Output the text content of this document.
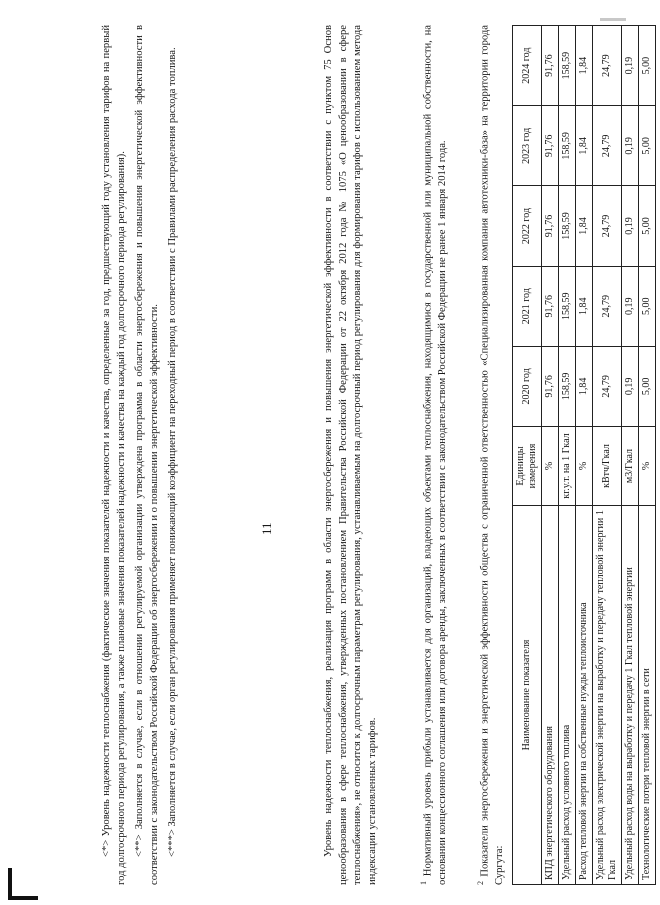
11

<*> Уровень надежности теплоснабжения (фактические значения показателей надежности и качества, определенные за год, предшествующий году установления тарифов на первый год долгосрочного периода регулирования, а также плановые значения показателей надежности и качества на каждый год долгосрочного периода регулирования). <**> Заполняется в случае, если в отношении регулируемой организации утверждена программа в области энергосбережения и повышения энергетической эффективности в соответствии с законодательством Российской Федерации об энергосбережении и о повышении энергетической эффективности. <***> Заполняется в случае, если орган регулирования применяет понижающий коэффициент на переходный период в соответствии с Правилами распределения расхода топлива.	Уровень надежности теплоснабжения, реализация программ в области энергосбережения и повышения энергетической эффективности в соответствии с пунктом 75 Основ ценообразования в сфере теплоснабжения, утвержденных постановлением Правительства Российской Федерации от 22 октября 2012 года № 1075 «О ценообразовании в сфере теплоснабжения», не относится к долгосрочным параметрам регулирования, устанавливаемым на долгосрочный период регулирования для формирования тарифов с использованием метода индексации установленных тарифов.	$^1$ Нормативный уровень прибыли устанавливается для организаций, владеющих объектами теплоснабжения, находящимися в государственной или муниципальной собственности, на основании концессионного соглашения или договора аренды, заключенных в соответствии с законодательством Российской Федерации не ранее 1 января 2014 года.	$^2$ Показатели энергосбережения и энергетической эффективности общества с ограниченной ответственностью «Специализированная компания автотехники-база» на территории города Сургута:

Наименование показателя	Единицы измерения	2020 год	2021 год	2022 год	2023 год	2024 год
КПД энергетического оборудования	%	91,76	91,76	91,76	91,76	91,76
Удельный расход условного топлива	кг.у.т. на 1 Гкал	158,59	158,59	158,59	158,59	158,59
Расход тепловой энергии на собственные нужды теплоисточника	%	1,84	1,84	1,84	1,84	1,84
Удельный расход электрической энергии на выработку и передачу тепловой энергии 1 Гкал	кВтч/Гкал	24,79	24,79	24,79	24,79	24,79
Удельный расход воды на выработку и передачу 1 Гкал тепловой энергии	м3/Гкал	0,19	0,19	0,19	0,19	0,19
Технологические потери тепловой энергии в сети	%	5,00	5,00	5,00	5,00	5,00
